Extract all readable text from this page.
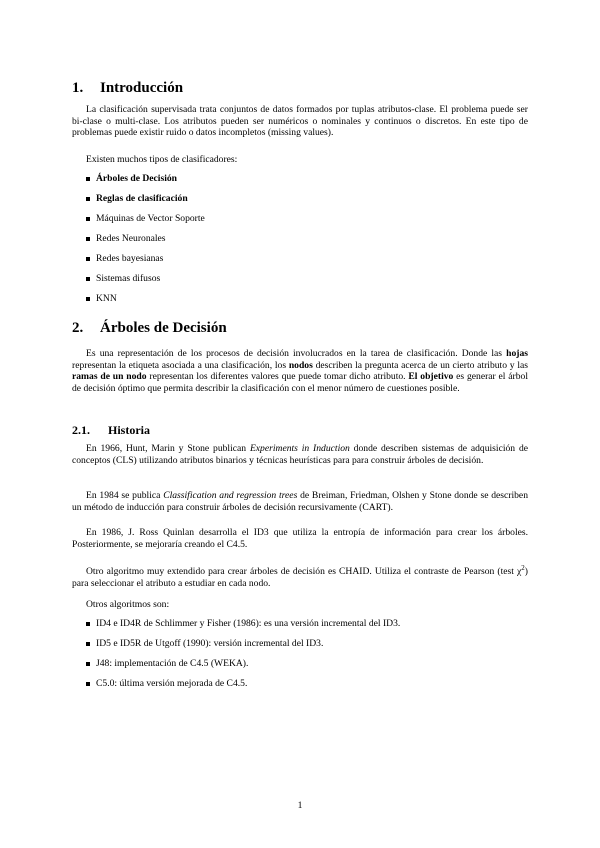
1. Introducción

La clasificación supervisada trata conjuntos de datos formados por tuplas atributos-clase. El problema puede ser bi-clase o multi-clase. Los atributos pueden ser numéricos o nominales y continuos o discretos. En este tipo de problemas puede existir ruido o datos incompletos (missing values).

Existen muchos tipos de clasificadores:

Árboles de Decisión
Reglas de clasificación
Máquinas de Vector Soporte
Redes Neuronales
Redes bayesianas
Sistemas difusos
KNN
2. Árboles de Decisión

Es una representación de los procesos de decisión involucrados en la tarea de clasificación. Donde las hojas representan la etiqueta asociada a una clasificación, los nodos describen la pregunta acerca de un cierto atributo y las ramas de un nodo representan los diferentes valores que puede tomar dicho atributo. El objetivo es generar el árbol de decisión óptimo que permita describir la clasificación con el menor número de cuestiones posible.

2.1. Historia

En 1966, Hunt, Marin y Stone publican Experiments in Induction donde describen sistemas de adquisición de conceptos (CLS) utilizando atributos binarios y técnicas heurísticas para para construir árboles de decisión.

En 1984 se publica Classification and regression trees de Breiman, Friedman, Olshen y Stone donde se describen un método de inducción para construir árboles de decisión recursivamente (CART).

En 1986, J. Ross Quinlan desarrolla el ID3 que utiliza la entropía de información para crear los árboles. Posteriormente, se mejoraría creando el C4.5.

Otro algoritmo muy extendido para crear árboles de decisión es CHAID. Utiliza el contraste de Pearson (test $\chi^2$) para seleccionar el atributo a estudiar en cada nodo.

Otros algoritmos son:

ID4 e ID4R de Schlimmer y Fisher (1986): es una versión incremental del ID3.
ID5 e ID5R de Utgoff (1990): versión incremental del ID3.
J48: implementación de C4.5 (WEKA).
C5.0: última versión mejorada de C4.5.
1
